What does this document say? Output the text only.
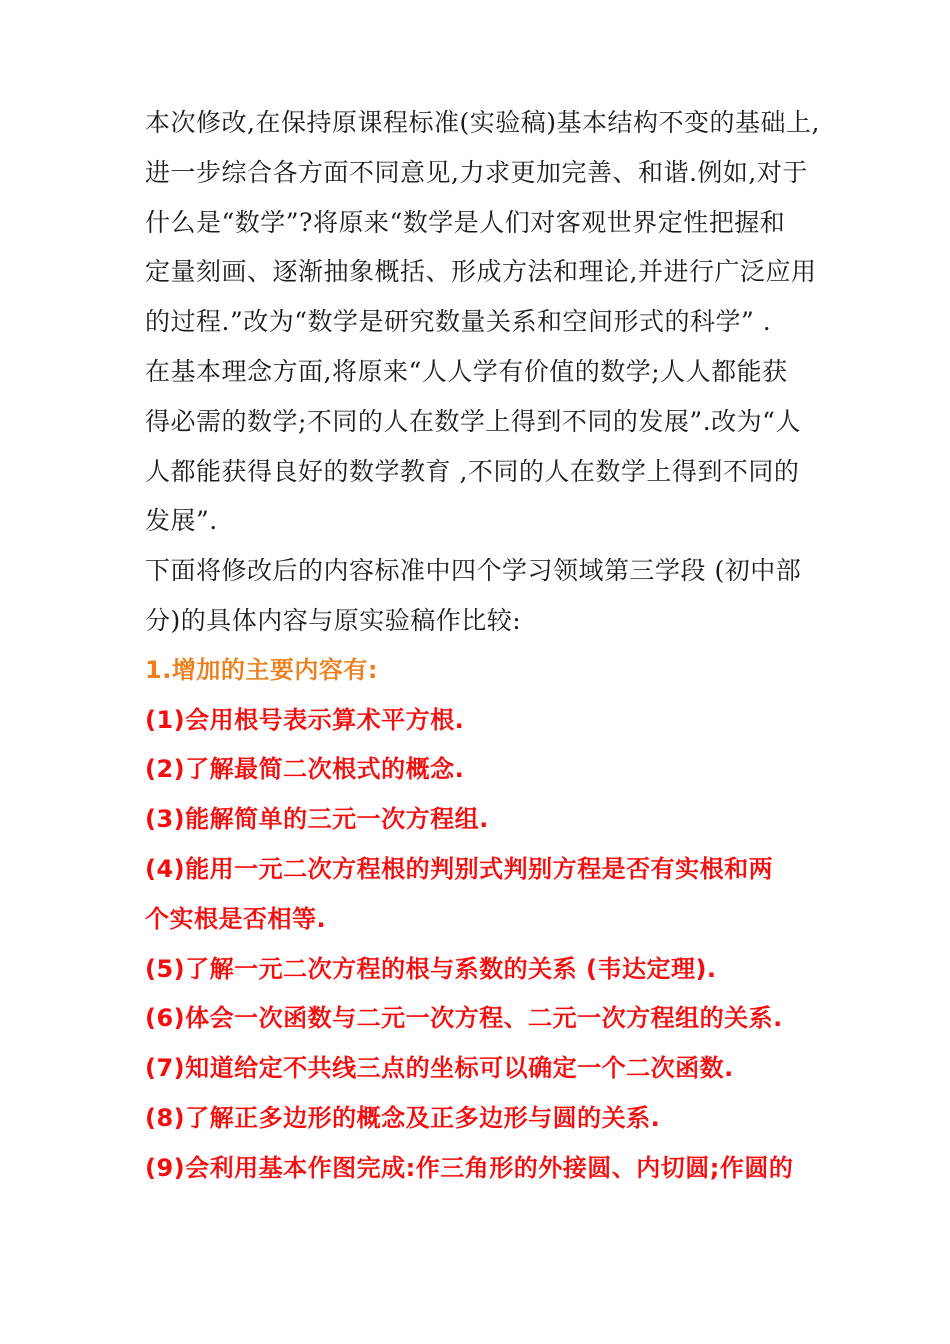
本次修改,在保持原课程标准(实验稿)基本结构不变的基础上,
进一步综合各方面不同意见,力求更加完善、和谐.例如,对于
什么是“数学”?将原来“数学是人们对客观世界定性把握和
定量刻画、逐渐抽象概括、形成方法和理论,并进行广泛应用
的过程.”改为“数学是研究数量关系和空间形式的科学” .
在基本理念方面,将原来“人人学有价值的数学;人人都能获
得必需的数学;不同的人在数学上得到不同的发展”.改为“人
人都能获得良好的数学教育 ,不同的人在数学上得到不同的
发展”.
下面将修改后的内容标准中四个学习领域第三学段 (初中部
分)的具体内容与原实验稿作比较:
1.增加的主要内容有:
(1)会用根号表示算术平方根.
(2)了解最简二次根式的概念.
(3)能解简单的三元一次方程组.
(4)能用一元二次方程根的判别式判别方程是否有实根和两
个实根是否相等.
(5)了解一元二次方程的根与系数的关系 (韦达定理).
(6)体会一次函数与二元一次方程、二元一次方程组的关系.
(7)知道给定不共线三点的坐标可以确定一个二次函数.
(8)了解正多边形的概念及正多边形与圆的关系.
(9)会利用基本作图完成:作三角形的外接圆、内切圆;作圆的
